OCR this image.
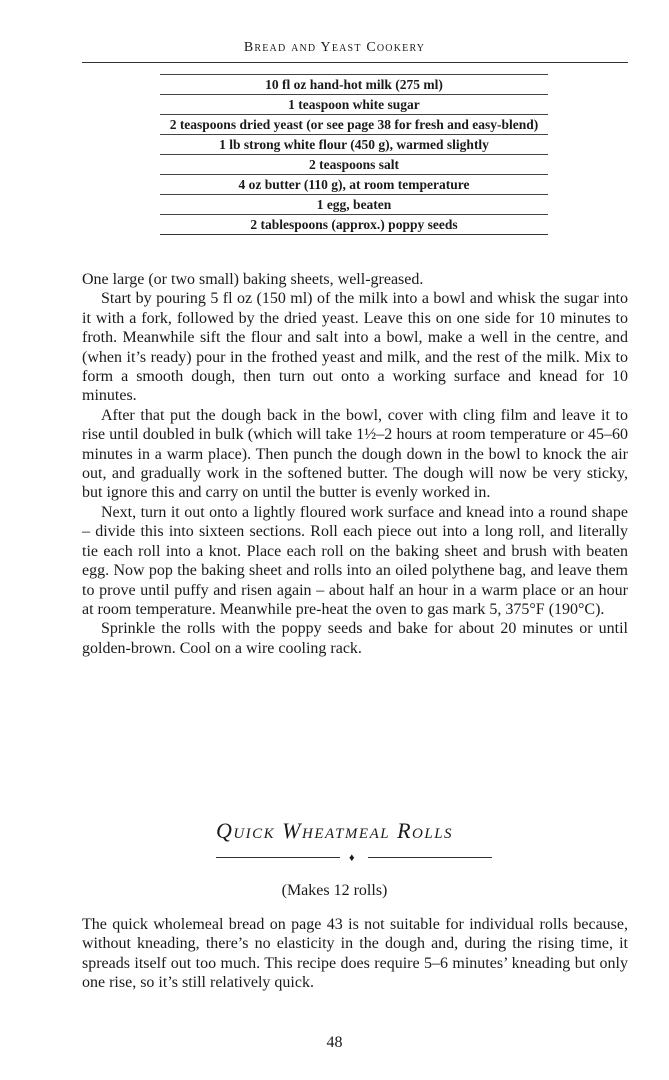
Bread and Yeast Cookery
10 fl oz hand-hot milk (275 ml)
1 teaspoon white sugar
2 teaspoons dried yeast (or see page 38 for fresh and easy-blend)
1 lb strong white flour (450 g), warmed slightly
2 teaspoons salt
4 oz butter (110 g), at room temperature
1 egg, beaten
2 tablespoons (approx.) poppy seeds

One large (or two small) baking sheets, well-greased.

Start by pouring 5 fl oz (150 ml) of the milk into a bowl and whisk the sugar into it with a fork, followed by the dried yeast. Leave this on one side for 10 minutes to froth. Meanwhile sift the flour and salt into a bowl, make a well in the centre, and (when it’s ready) pour in the frothed yeast and milk, and the rest of the milk. Mix to form a smooth dough, then turn out onto a working surface and knead for 10 minutes.

After that put the dough back in the bowl, cover with cling film and leave it to rise until doubled in bulk (which will take 1½–2 hours at room temperature or 45–60 minutes in a warm place). Then punch the dough down in the bowl to knock the air out, and gradually work in the softened butter. The dough will now be very sticky, but ignore this and carry on until the butter is evenly worked in.

Next, turn it out onto a lightly floured work surface and knead into a round shape – divide this into sixteen sections. Roll each piece out into a long roll, and literally tie each roll into a knot. Place each roll on the baking sheet and brush with beaten egg. Now pop the baking sheet and rolls into an oiled polythene bag, and leave them to prove until puffy and risen again – about half an hour in a warm place or an hour at room temperature. Meanwhile pre-heat the oven to gas mark 5, 375°F (190°C).

Sprinkle the rolls with the poppy seeds and bake for about 20 minutes or until golden-brown. Cool on a wire cooling rack.

Quick Wheatmeal Rolls
♦
(Makes 12 rolls)

The quick wholemeal bread on page 43 is not suitable for individual rolls because, without kneading, there’s no elasticity in the dough and, during the rising time, it spreads itself out too much. This recipe does require 5–6 minutes’ kneading but only one rise, so it’s still relatively quick.

48
